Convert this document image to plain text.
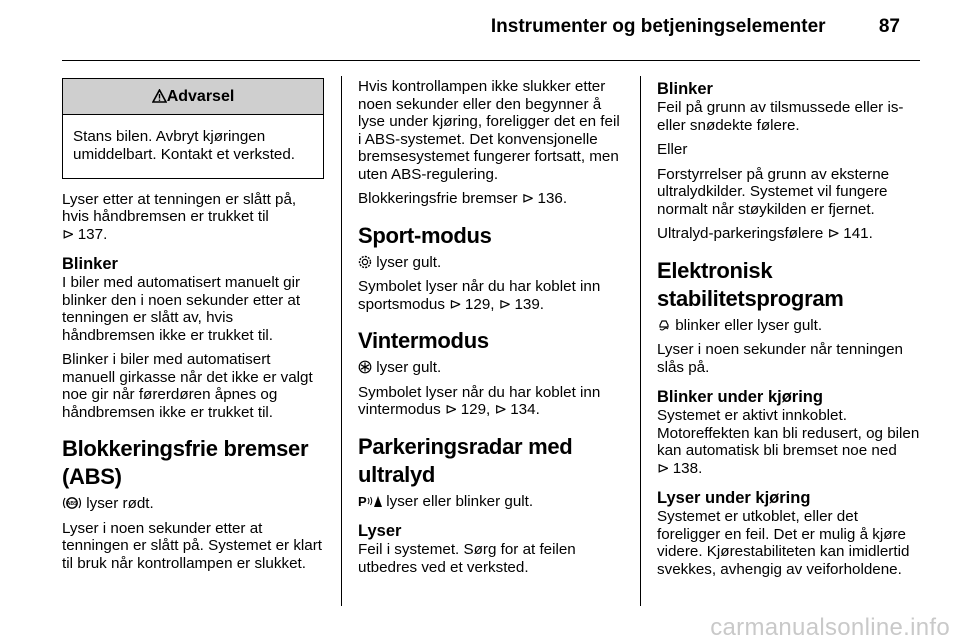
Instrumenter og betjeningselementer	87
Advarsel
Stans bilen. Avbryt kjøringen umiddelbart. Kontakt et verksted.

Lyser etter at tenningen er slått på, hvis håndbremsen er trukket til
⊳ 137.

Blinker

I biler med automatisert manuelt gir blinker den i noen sekunder etter at tenningen er slått av, hvis håndbremsen ikke er trukket til.

Blinker i biler med automatisert manuell girkasse når det ikke er valgt noe gir når førerdøren åpnes og håndbremsen ikke er trukket til.

Blokkeringsfrie bremser (ABS)

ABS lyser rødt.

Lyser i noen sekunder etter at tenningen er slått på. Systemet er klart til bruk når kontrollampen er slukket.

Hvis kontrollampen ikke slukker etter noen sekunder eller den begynner å lyse under kjøring, foreligger det en feil i ABS-systemet. Det konvensjonelle bremsesystemet fungerer fortsatt, men uten ABS-regulering.

Blokkeringsfrie bremser ⊳ 136.

Sport-modus

lyser gult.

Symbolet lyser når du har koblet inn sportsmodus ⊳ 129, ⊳ 139.

Vintermodus

lyser gult.

Symbolet lyser når du har koblet inn vintermodus ⊳ 129, ⊳ 134.

Parkeringsradar med ultralyd

P lyser eller blinker gult.

Lyser

Feil i systemet. Sørg for at feilen utbedres ved et verksted.

Blinker

Feil på grunn av tilsmussede eller is- eller snødekte følere.

Eller

Forstyrrelser på grunn av eksterne ultralydkilder. Systemet vil fungere normalt når støykilden er fjernet.

Ultralyd-parkeringsfølere ⊳ 141.

Elektronisk stabilitetsprogram

blinker eller lyser gult.

Lyser i noen sekunder når tenningen slås på.

Blinker under kjøring

Systemet er aktivt innkoblet. Motoreffekten kan bli redusert, og bilen kan automatisk bli bremset noe ned
⊳ 138.

Lyser under kjøring

Systemet er utkoblet, eller det foreligger en feil. Det er mulig å kjøre videre. Kjørestabiliteten kan imidlertid svekkes, avhengig av veiforholdene.

carmanualsonline.info
